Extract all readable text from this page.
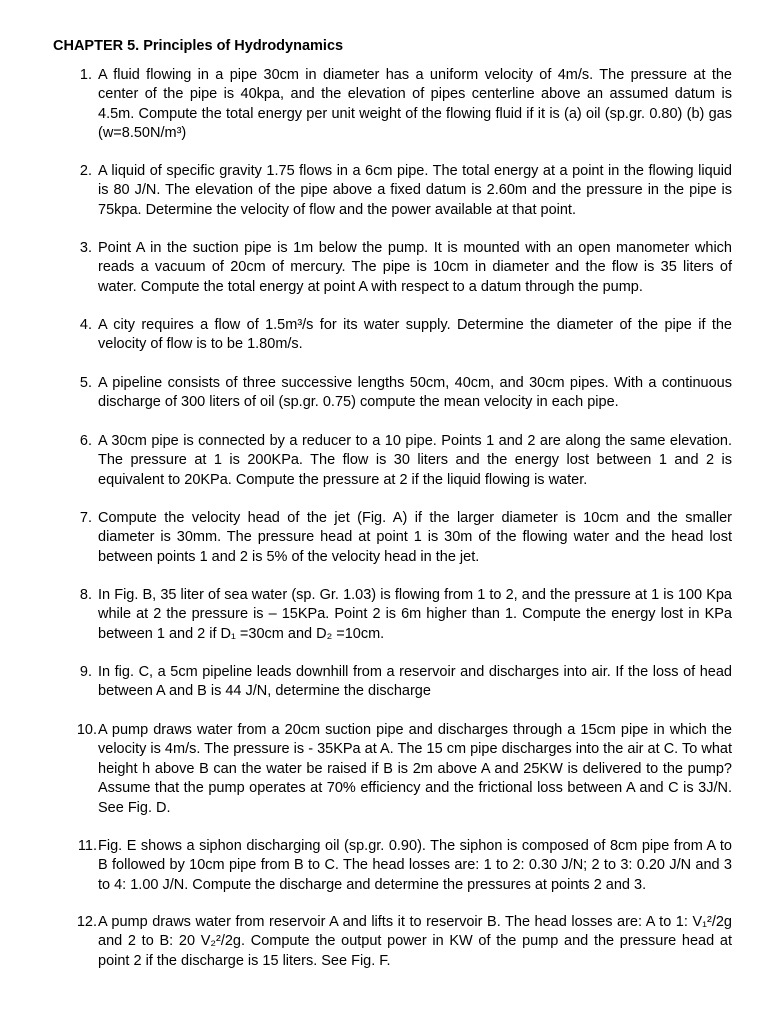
CHAPTER 5. Principles of Hydrodynamics
1. A fluid flowing in a pipe 30cm in diameter has a uniform velocity of 4m/s. The pressure at the center of the pipe is 40kpa, and the elevation of pipes centerline above an assumed datum is 4.5m. Compute the total energy per unit weight of the flowing fluid if it is (a) oil (sp.gr. 0.80) (b) gas (w=8.50N/m³)
2. A liquid of specific gravity 1.75 flows in a 6cm pipe. The total energy at a point in the flowing liquid is 80 J/N. The elevation of the pipe above a fixed datum is 2.60m and the pressure in the pipe is 75kpa. Determine the velocity of flow and the power available at that point.
3. Point A in the suction pipe is 1m below the pump. It is mounted with an open manometer which reads a vacuum of 20cm of mercury. The pipe is 10cm in diameter and the flow is 35 liters of water. Compute the total energy at point A with respect to a datum through the pump.
4. A city requires a flow of 1.5m³/s for its water supply. Determine the diameter of the pipe if the velocity of flow is to be 1.80m/s.
5. A pipeline consists of three successive lengths 50cm, 40cm, and 30cm pipes. With a continuous discharge of 300 liters of oil (sp.gr. 0.75) compute the mean velocity in each pipe.
6. A 30cm pipe is connected by a reducer to a 10 pipe. Points 1 and 2 are along the same elevation. The pressure at 1 is 200KPa. The flow is 30 liters and the energy lost between 1 and 2 is equivalent to 20KPa. Compute the pressure at 2 if the liquid flowing is water.
7. Compute the velocity head of the jet (Fig. A) if the larger diameter is 10cm and the smaller diameter is 30mm. The pressure head at point 1 is 30m of the flowing water and the head lost between points 1 and 2 is 5% of the velocity head in the jet.
8. In Fig. B, 35 liter of sea water (sp. Gr. 1.03) is flowing from 1 to 2, and the pressure at 1 is 100 Kpa while at 2 the pressure is – 15KPa. Point 2 is 6m higher than 1. Compute the energy lost in KPa between 1 and 2 if D₁ =30cm and D₂ =10cm.
9. In fig. C, a 5cm pipeline leads downhill from a reservoir and discharges into air. If the loss of head between A and B is 44 J/N, determine the discharge
10. A pump draws water from a 20cm suction pipe and discharges through a 15cm pipe in which the velocity is 4m/s. The pressure is - 35KPa at A. The 15 cm pipe discharges into the air at C. To what height h above B can the water be raised if B is 2m above A and 25KW is delivered to the pump? Assume that the pump operates at 70% efficiency and the frictional loss between A and C is 3J/N. See Fig. D.
11. Fig. E shows a siphon discharging oil (sp.gr. 0.90). The siphon is composed of 8cm pipe from A to B followed by 10cm pipe from B to C. The head losses are: 1 to 2: 0.30 J/N; 2 to 3: 0.20 J/N and 3 to 4: 1.00 J/N. Compute the discharge and determine the pressures at points 2 and 3.
12. A pump draws water from reservoir A and lifts it to reservoir B. The head losses are: A to 1: V₁²/2g and 2 to B: 20 V₂²/2g. Compute the output power in KW of the pump and the pressure head at point 2 if the discharge is 15 liters. See Fig. F.
